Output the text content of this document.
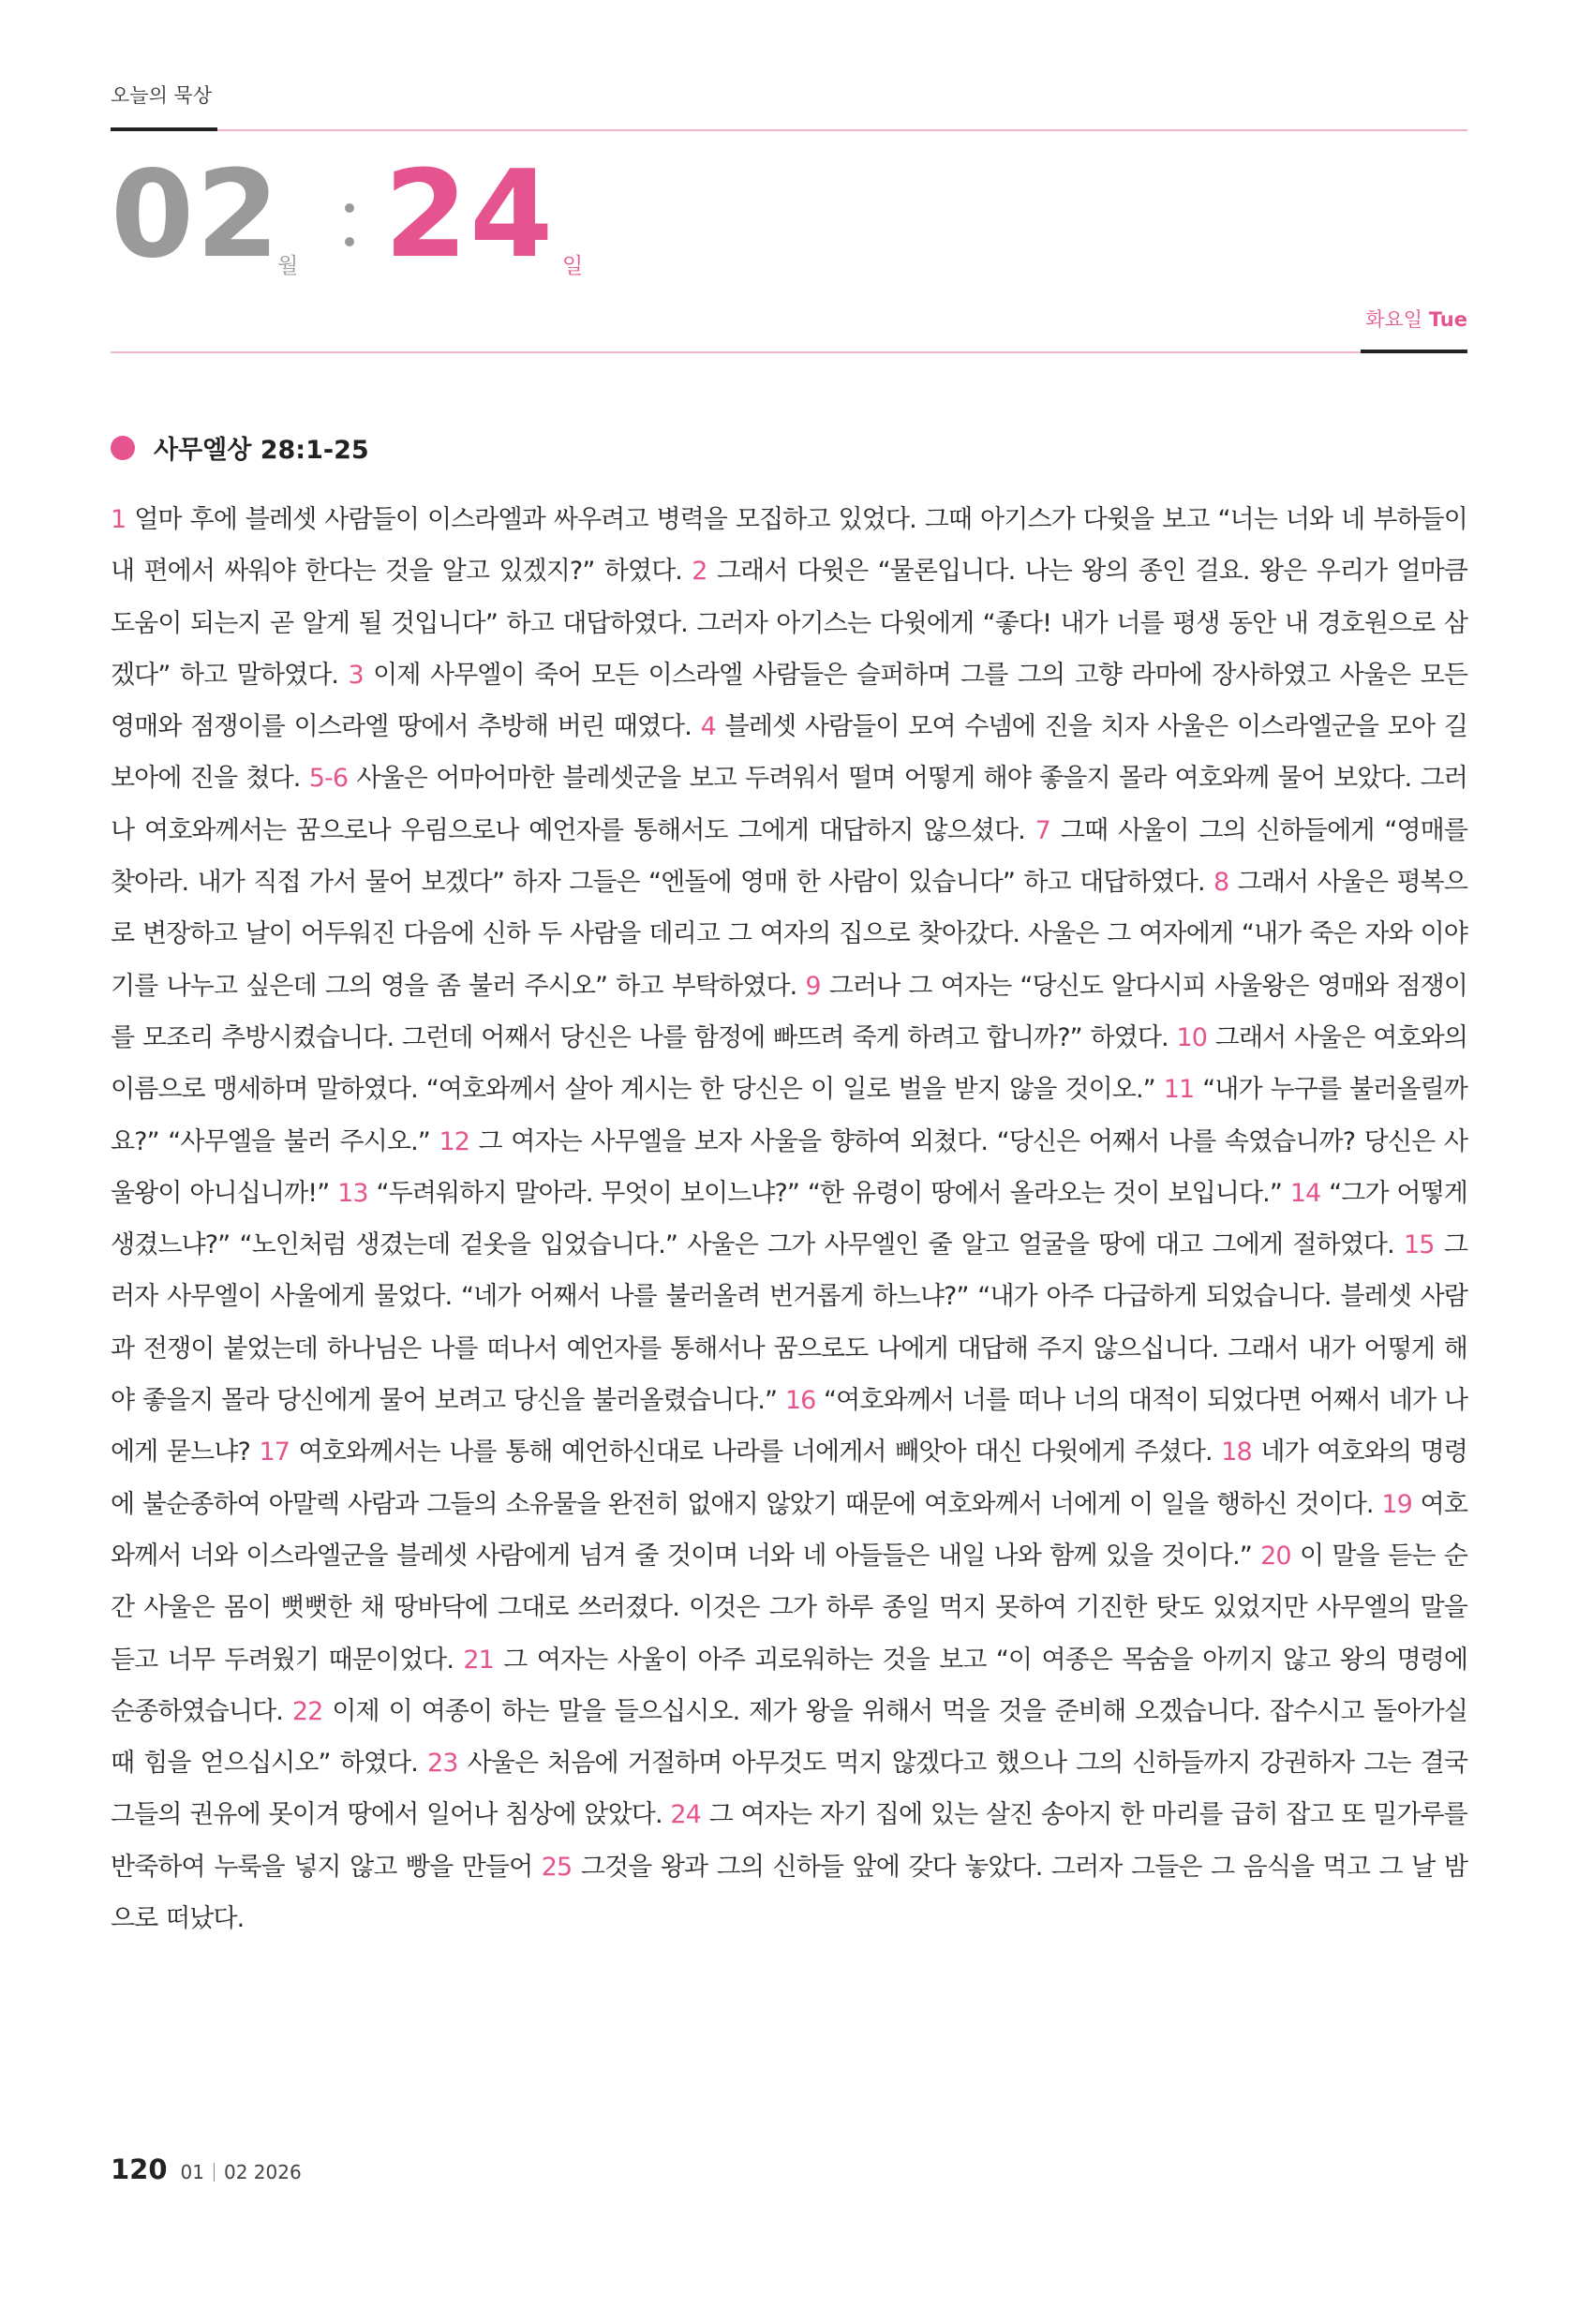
오늘의 묵상
02
월 24 일
화요일 Tue
사무엘상 28:1-25
1 얼마 후에 블레셋 사람들이 이스라엘과 싸우려고 병력을 모집하고 있었다. 그때 아기스가 다윗을 보고 “너는 너와 네 부하들이 내 편에서 싸워야 한다는 것을 알고 있겠지?” 하였다. 2 그래서 다윗은 “물론입니다. 나는 왕의 종인 걸요. 왕은 우리가 얼마큼 도움이 되는지 곧 알게 될 것입니다” 하고 대답하였다. 그러자 아기스는 다윗에게 “좋다! 내가 너를 평생 동안 내 경호원으로 삼겠다” 하고 말하였다. 3 이제 사무엘이 죽어 모든 이스라엘 사람들은 슬퍼하며 그를 그의 고향 라마에 장사하였고 사울은 모든 영매와 점쟁이를 이스라엘 땅에서 추방해 버린 때였다. 4 블레셋 사람들이 모여 수넴에 진을 치자 사울은 이스라엘군을 모아 길보아에 진을 쳤다. 5-6 사울은 어마어마한 블레셋군을 보고 두려워서 떨며 어떻게 해야 좋을지 몰라 여호와께 물어 보았다. 그러나 여호와께서는 꿈으로나 우림으로나 예언자를 통해서도 그에게 대답하지 않으셨다. 7 그때 사울이 그의 신하들에게 “영매를 찾아라. 내가 직접 가서 물어 보겠다” 하자 그들은 “엔돌에 영매 한 사람이 있습니다” 하고 대답하였다. 8 그래서 사울은 평복으로 변장하고 날이 어두워진 다음에 신하 두 사람을 데리고 그 여자의 집으로 찾아갔다. 사울은 그 여자에게 “내가 죽은 자와 이야기를 나누고 싶은데 그의 영을 좀 불러 주시오” 하고 부탁하였다. 9 그러나 그 여자는 “당신도 알다시피 사울왕은 영매와 점쟁이를 모조리 추방시켰습니다. 그런데 어째서 당신은 나를 함정에 빠뜨려 죽게 하려고 합니까?” 하였다. 10 그래서 사울은 여호와의 이름으로 맹세하며 말하였다. “여호와께서 살아 계시는 한 당신은 이 일로 벌을 받지 않을 것이오.” 11 “내가 누구를 불러올릴까요?” “사무엘을 불러 주시오.” 12 그 여자는 사무엘을 보자 사울을 향하여 외쳤다. “당신은 어째서 나를 속였습니까? 당신은 사울왕이 아니십니까!” 13 “두려워하지 말아라. 무엇이 보이느냐?” “한 유령이 땅에서 올라오는 것이 보입니다.” 14 “그가 어떻게 생겼느냐?” “노인처럼 생겼는데 겉옷을 입었습니다.” 사울은 그가 사무엘인 줄 알고 얼굴을 땅에 대고 그에게 절하였다. 15 그러자 사무엘이 사울에게 물었다. “네가 어째서 나를 불러올려 번거롭게 하느냐?” “내가 아주 다급하게 되었습니다. 블레셋 사람과 전쟁이 붙었는데 하나님은 나를 떠나서 예언자를 통해서나 꿈으로도 나에게 대답해 주지 않으십니다. 그래서 내가 어떻게 해야 좋을지 몰라 당신에게 물어 보려고 당신을 불러올렸습니다.” 16 “여호와께서 너를 떠나 너의 대적이 되었다면 어째서 네가 나에게 묻느냐? 17 여호와께서는 나를 통해 예언하신대로 나라를 너에게서 빼앗아 대신 다윗에게 주셨다. 18 네가 여호와의 명령에 불순종하여 아말렉 사람과 그들의 소유물을 완전히 없애지 않았기 때문에 여호와께서 너에게 이 일을 행하신 것이다. 19 여호와께서 너와 이스라엘군을 블레셋 사람에게 넘겨 줄 것이며 너와 네 아들들은 내일 나와 함께 있을 것이다.” 20 이 말을 듣는 순간 사울은 몸이 뻣뻣한 채 땅바닥에 그대로 쓰러졌다. 이것은 그가 하루 종일 먹지 못하여 기진한 탓도 있었지만 사무엘의 말을 듣고 너무 두려웠기 때문이었다. 21 그 여자는 사울이 아주 괴로워하는 것을 보고 “이 여종은 목숨을 아끼지 않고 왕의 명령에 순종하였습니다. 22 이제 이 여종이 하는 말을 들으십시오. 제가 왕을 위해서 먹을 것을 준비해 오겠습니다. 잡수시고 돌아가실 때 힘을 얻으십시오” 하였다. 23 사울은 처음에 거절하며 아무것도 먹지 않겠다고 했으나 그의 신하들까지 강권하자 그는 결국 그들의 권유에 못이겨 땅에서 일어나 침상에 앉았다. 24 그 여자는 자기 집에 있는 살진 송아지 한 마리를 급히 잡고 또 밀가루를 반죽하여 누룩을 넣지 않고 빵을 만들어 25 그것을 왕과 그의 신하들 앞에 갖다 놓았다. 그러자 그들은 그 음식을 먹고 그 날 밤으로 떠났다.
120 01 02 2026
